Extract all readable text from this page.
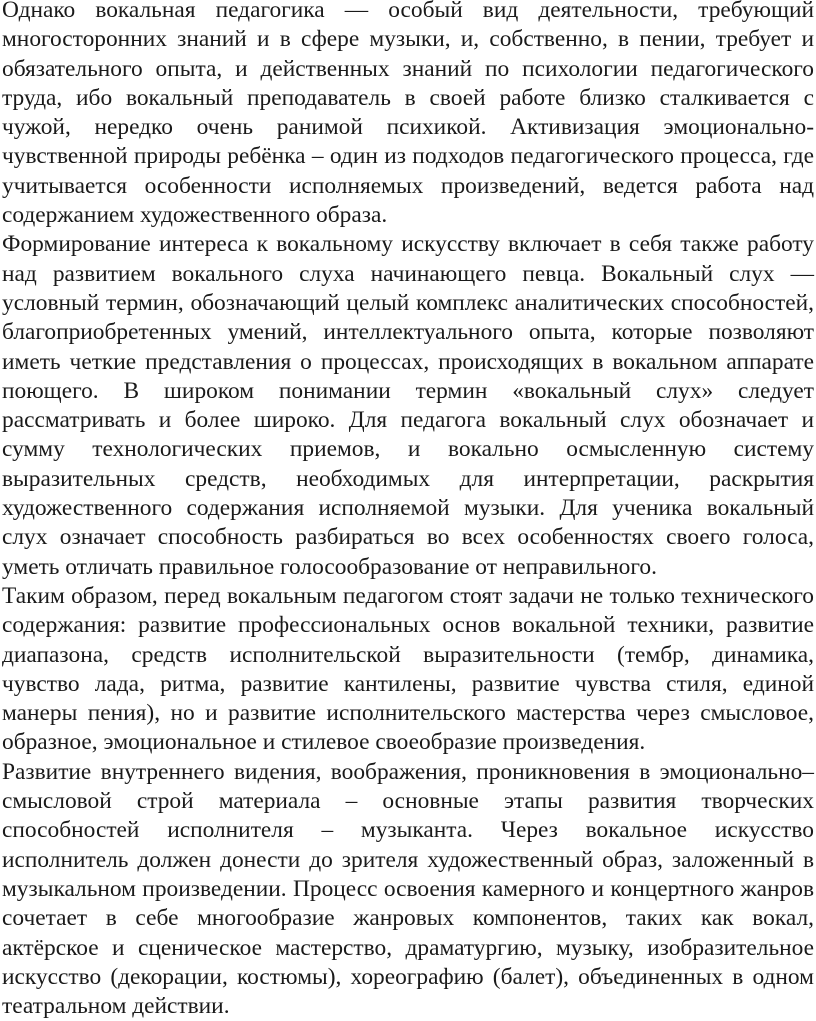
Однако вокальная педагогика — особый вид деятельности, требующий многосторонних знаний и в сфере музыки, и, собственно, в пении, требует и обязательного опыта, и действенных знаний по психологии педагогического труда, ибо вокальный преподаватель в своей работе близко сталкивается с чужой, нередко очень ранимой психикой. Активизация эмоционально-чувственной природы ребёнка – один из подходов педагогического процесса, где учитывается особенности исполняемых произведений, ведется работа над содержанием художественного образа.

Формирование интереса к вокальному искусству включает в себя также работу над развитием вокального слуха начинающего певца. Вокальный слух — условный термин, обозначающий целый комплекс аналитических способностей, благоприобретенных умений, интеллектуального опыта, которые позволяют иметь четкие представления о процессах, происходящих в вокальном аппарате поющего. В широком понимании термин «вокальный слух» следует рассматривать и более широко. Для педагога вокальный слух обозначает и сумму технологических приемов, и вокально осмысленную систему выразительных средств, необходимых для интерпретации, раскрытия художественного содержания исполняемой музыки. Для ученика вокальный слух означает способность разбираться во всех особенностях своего голоса, уметь отличать правильное голосообразование от неправильного.

Таким образом, перед вокальным педагогом стоят задачи не только технического содержания: развитие профессиональных основ вокальной техники, развитие диапазона, средств исполнительской выразительности (тембр, динамика, чувство лада, ритма, развитие кантилены, развитие чувства стиля, единой манеры пения), но и развитие исполнительского мастерства через смысловое, образное, эмоциональное и стилевое своеобразие произведения.

Развитие внутреннего видения, воображения, проникновения в эмоционально–смысловой строй материала – основные этапы развития творческих способностей исполнителя – музыканта. Через вокальное искусство исполнитель должен донести до зрителя художественный образ, заложенный в музыкальном произведении. Процесс освоения камерного и концертного жанров сочетает в себе многообразие жанровых компонентов, таких как вокал, актёрское и сценическое мастерство, драматургию, музыку, изобразительное искусство (декорации, костюмы), хореографию (балет), объединенных в одном театральном действии.
